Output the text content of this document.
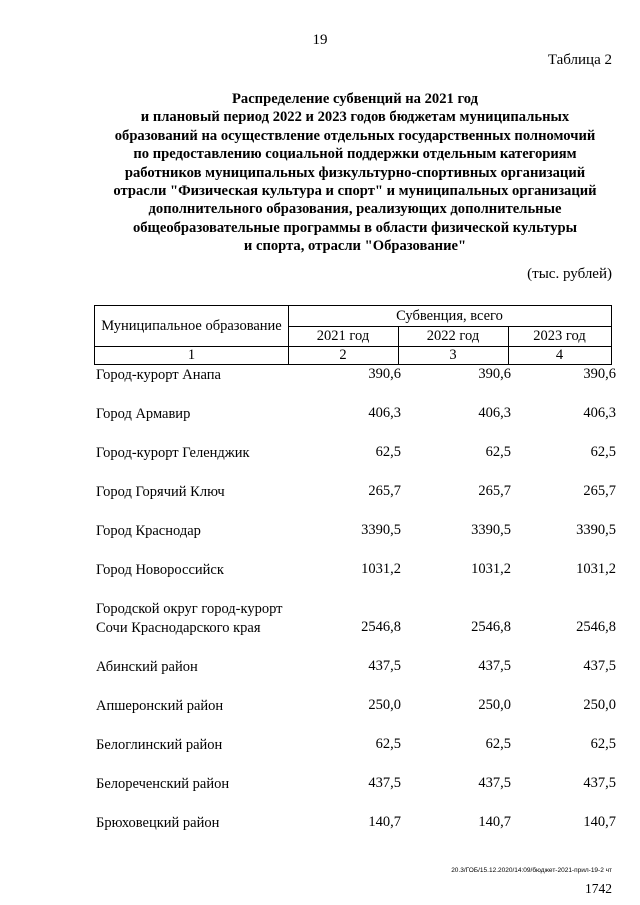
19
Таблица 2
Распределение субвенций на 2021 год
и плановый период 2022 и 2023 годов бюджетам муниципальных
образований на осуществление отдельных государственных полномочий
по предоставлению социальной поддержки отдельным категориям
работников муниципальных физкультурно-спортивных организаций
отрасли "Физическая культура и спорт" и муниципальных организаций
дополнительного образования, реализующих дополнительные
общеобразовательные программы в области физической культуры
и спорта, отрасли "Образование"
(тыс. рублей)
Муниципальное образование
Субвенция, всего
2021 год	2022 год	2023 год
1	2	3	4
Город-курорт Анапа	390,6	390,6	390,6
Город Армавир	406,3	406,3	406,3
Город-курорт Геленджик	62,5	62,5	62,5
Город Горячий Ключ	265,7	265,7	265,7
Город Краснодар	3390,5	3390,5	3390,5
Город Новороссийск	1031,2	1031,2	1031,2
Городской округ город-курорт
Сочи Краснодарского края	2546,8	2546,8	2546,8
Абинский район	437,5	437,5	437,5
Апшеронский район	250,0	250,0	250,0
Белоглинский район	62,5	62,5	62,5
Белореченский район	437,5	437,5	437,5
Брюховецкий район	140,7	140,7	140,7
20.3/ГОБ/15.12.2020/14:09/бюджет-2021-прил-19-2 чт
1742
